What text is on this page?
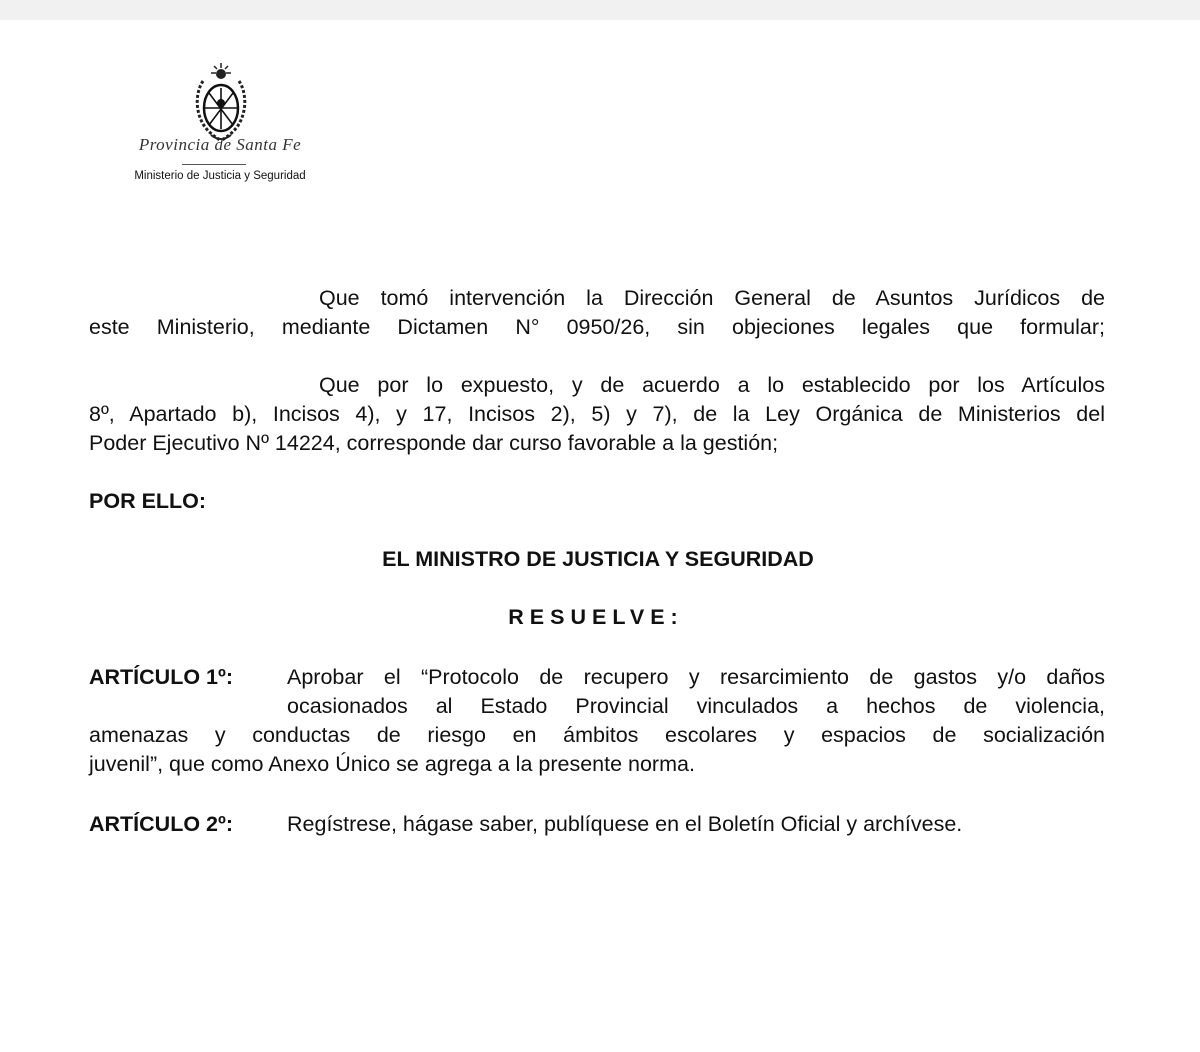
Provincia de Santa Fe
Ministerio de Justicia y Seguridad
Que tomó intervención la Dirección General de Asuntos Jurídicos de
este Ministerio, mediante Dictamen N° 0950/26, sin objeciones legales que formular;
Que por lo expuesto, y de acuerdo a lo establecido por los Artículos
8º, Apartado b), Incisos 4), y 17, Incisos 2), 5) y 7), de la Ley Orgánica de Ministerios del
Poder Ejecutivo Nº 14224, corresponde dar curso favorable a la gestión;
POR ELLO:
EL MINISTRO DE JUSTICIA Y SEGURIDAD
RESUELVE:
ARTÍCULO 1º:	Aprobar el “Protocolo de recupero y resarcimiento de gastos y/o daños
ocasionados al Estado Provincial vinculados a hechos de violencia,
amenazas y conductas de riesgo en ámbitos escolares y espacios de socialización
juvenil”, que como Anexo Único se agrega a la presente norma.
ARTÍCULO 2º:	Regístrese, hágase saber, publíquese en el Boletín Oficial y archívese.
